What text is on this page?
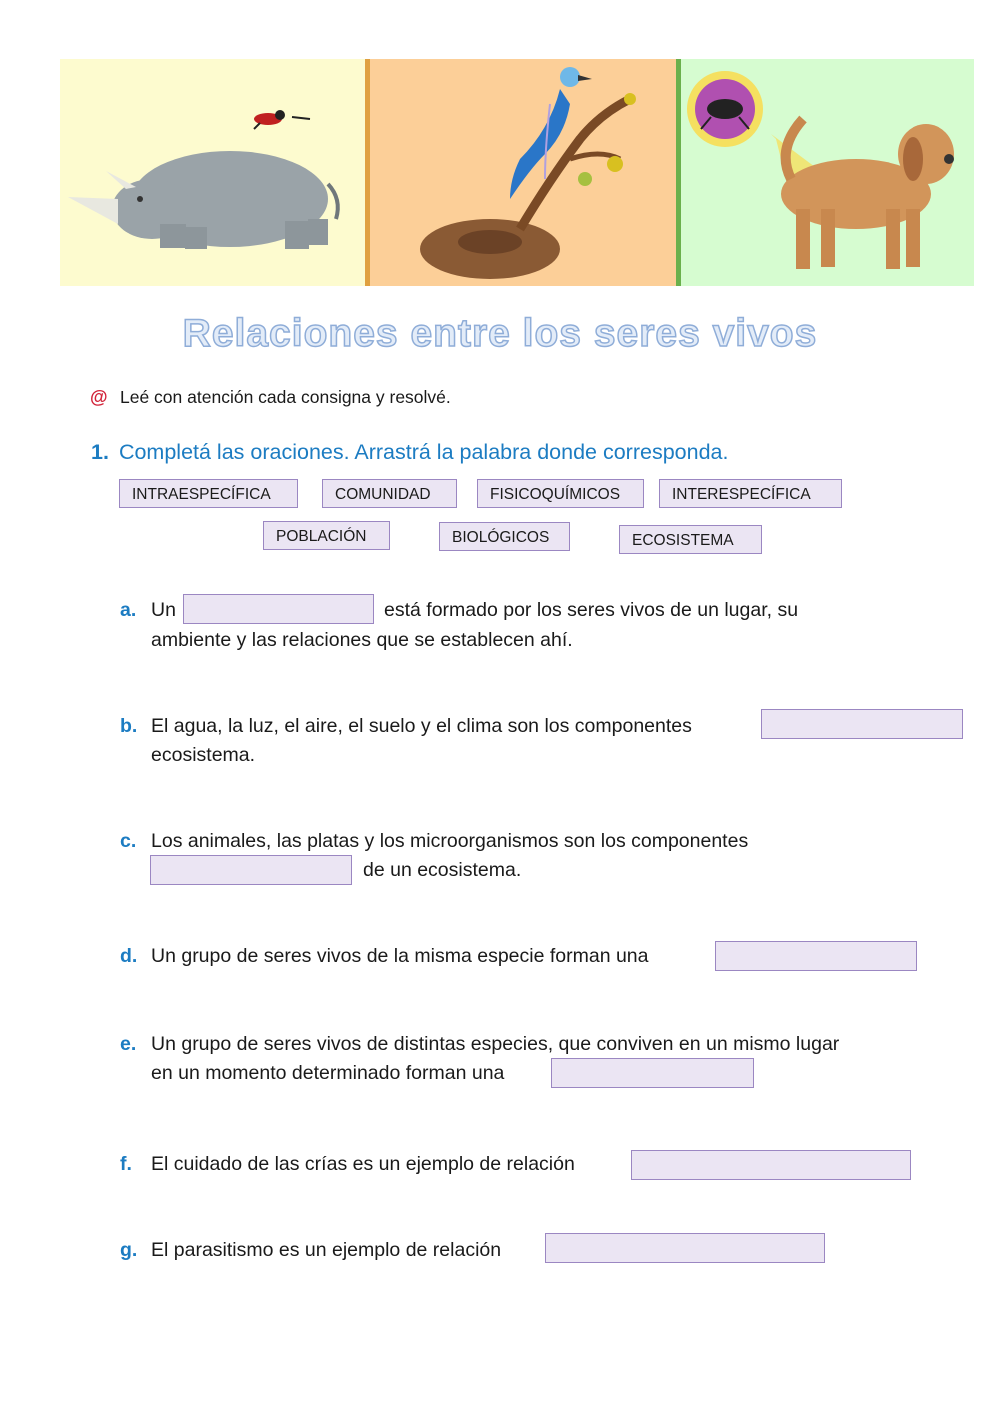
Relaciones entre los seres vivos
@ Leé con atención cada consigna y resolvé.
1. Completá las oraciones. Arrastrá la palabra donde corresponda.
INTRAESPECÍFICA	COMUNIDAD	FISICOQUÍMICOS	INTERESPECÍFICA
POBLACIÓN	BIOLÓGICOS	ECOSISTEMA
a. Un	está formado por los seres vivos de un lugar, su
ambiente y las relaciones que se establecen ahí.
b. El agua, la luz, el aire, el suelo y el clima son los componentes
ecosistema.
c. Los animales, las platas y los microorganismos son los componentes
de un ecosistema.
d. Un grupo de seres vivos de la misma especie forman una
e. Un grupo de seres vivos de distintas especies, que conviven en un mismo lugar
en un momento determinado forman una
f. El cuidado de las crías es un ejemplo de relación
g. El parasitismo es un ejemplo de relación
